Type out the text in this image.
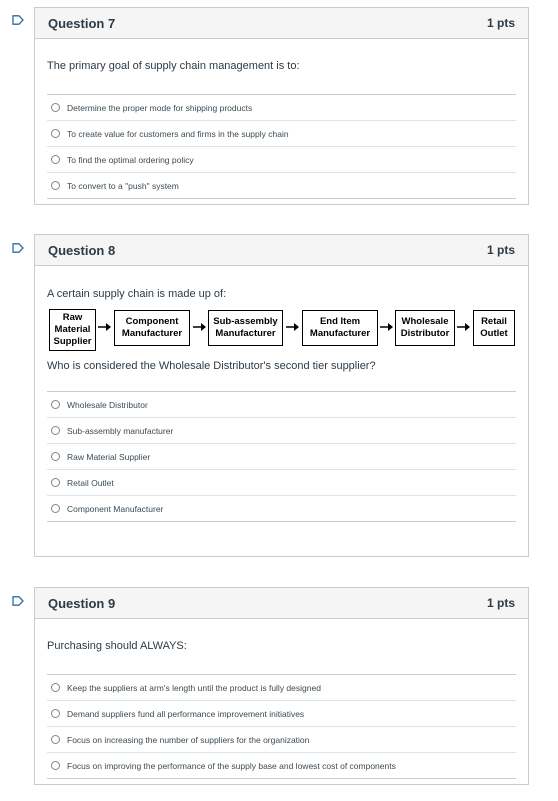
Question 7	1 pts
The primary goal of supply chain management is to:
Determine the proper mode for shipping products
To create value for customers and firms in the supply chain
To find the optimal ordering policy
To convert to a "push" system
Question 8	1 pts
A certain supply chain is made up of:
Raw Material Supplier
Component Manufacturer
Sub-assembly Manufacturer
End Item Manufacturer
Wholesale Distributor
Retail Outlet
Who is considered the Wholesale Distributor's second tier supplier?
Wholesale Distributor
Sub-assembly manufacturer
Raw Material Supplier
Retail Outlet
Component Manufacturer
Question 9	1 pts
Purchasing should ALWAYS:
Keep the suppliers at arm's length until the product is fully designed
Demand suppliers fund all performance improvement initiatives
Focus on increasing the number of suppliers for the organization
Focus on improving the performance of the supply base and lowest cost of components
